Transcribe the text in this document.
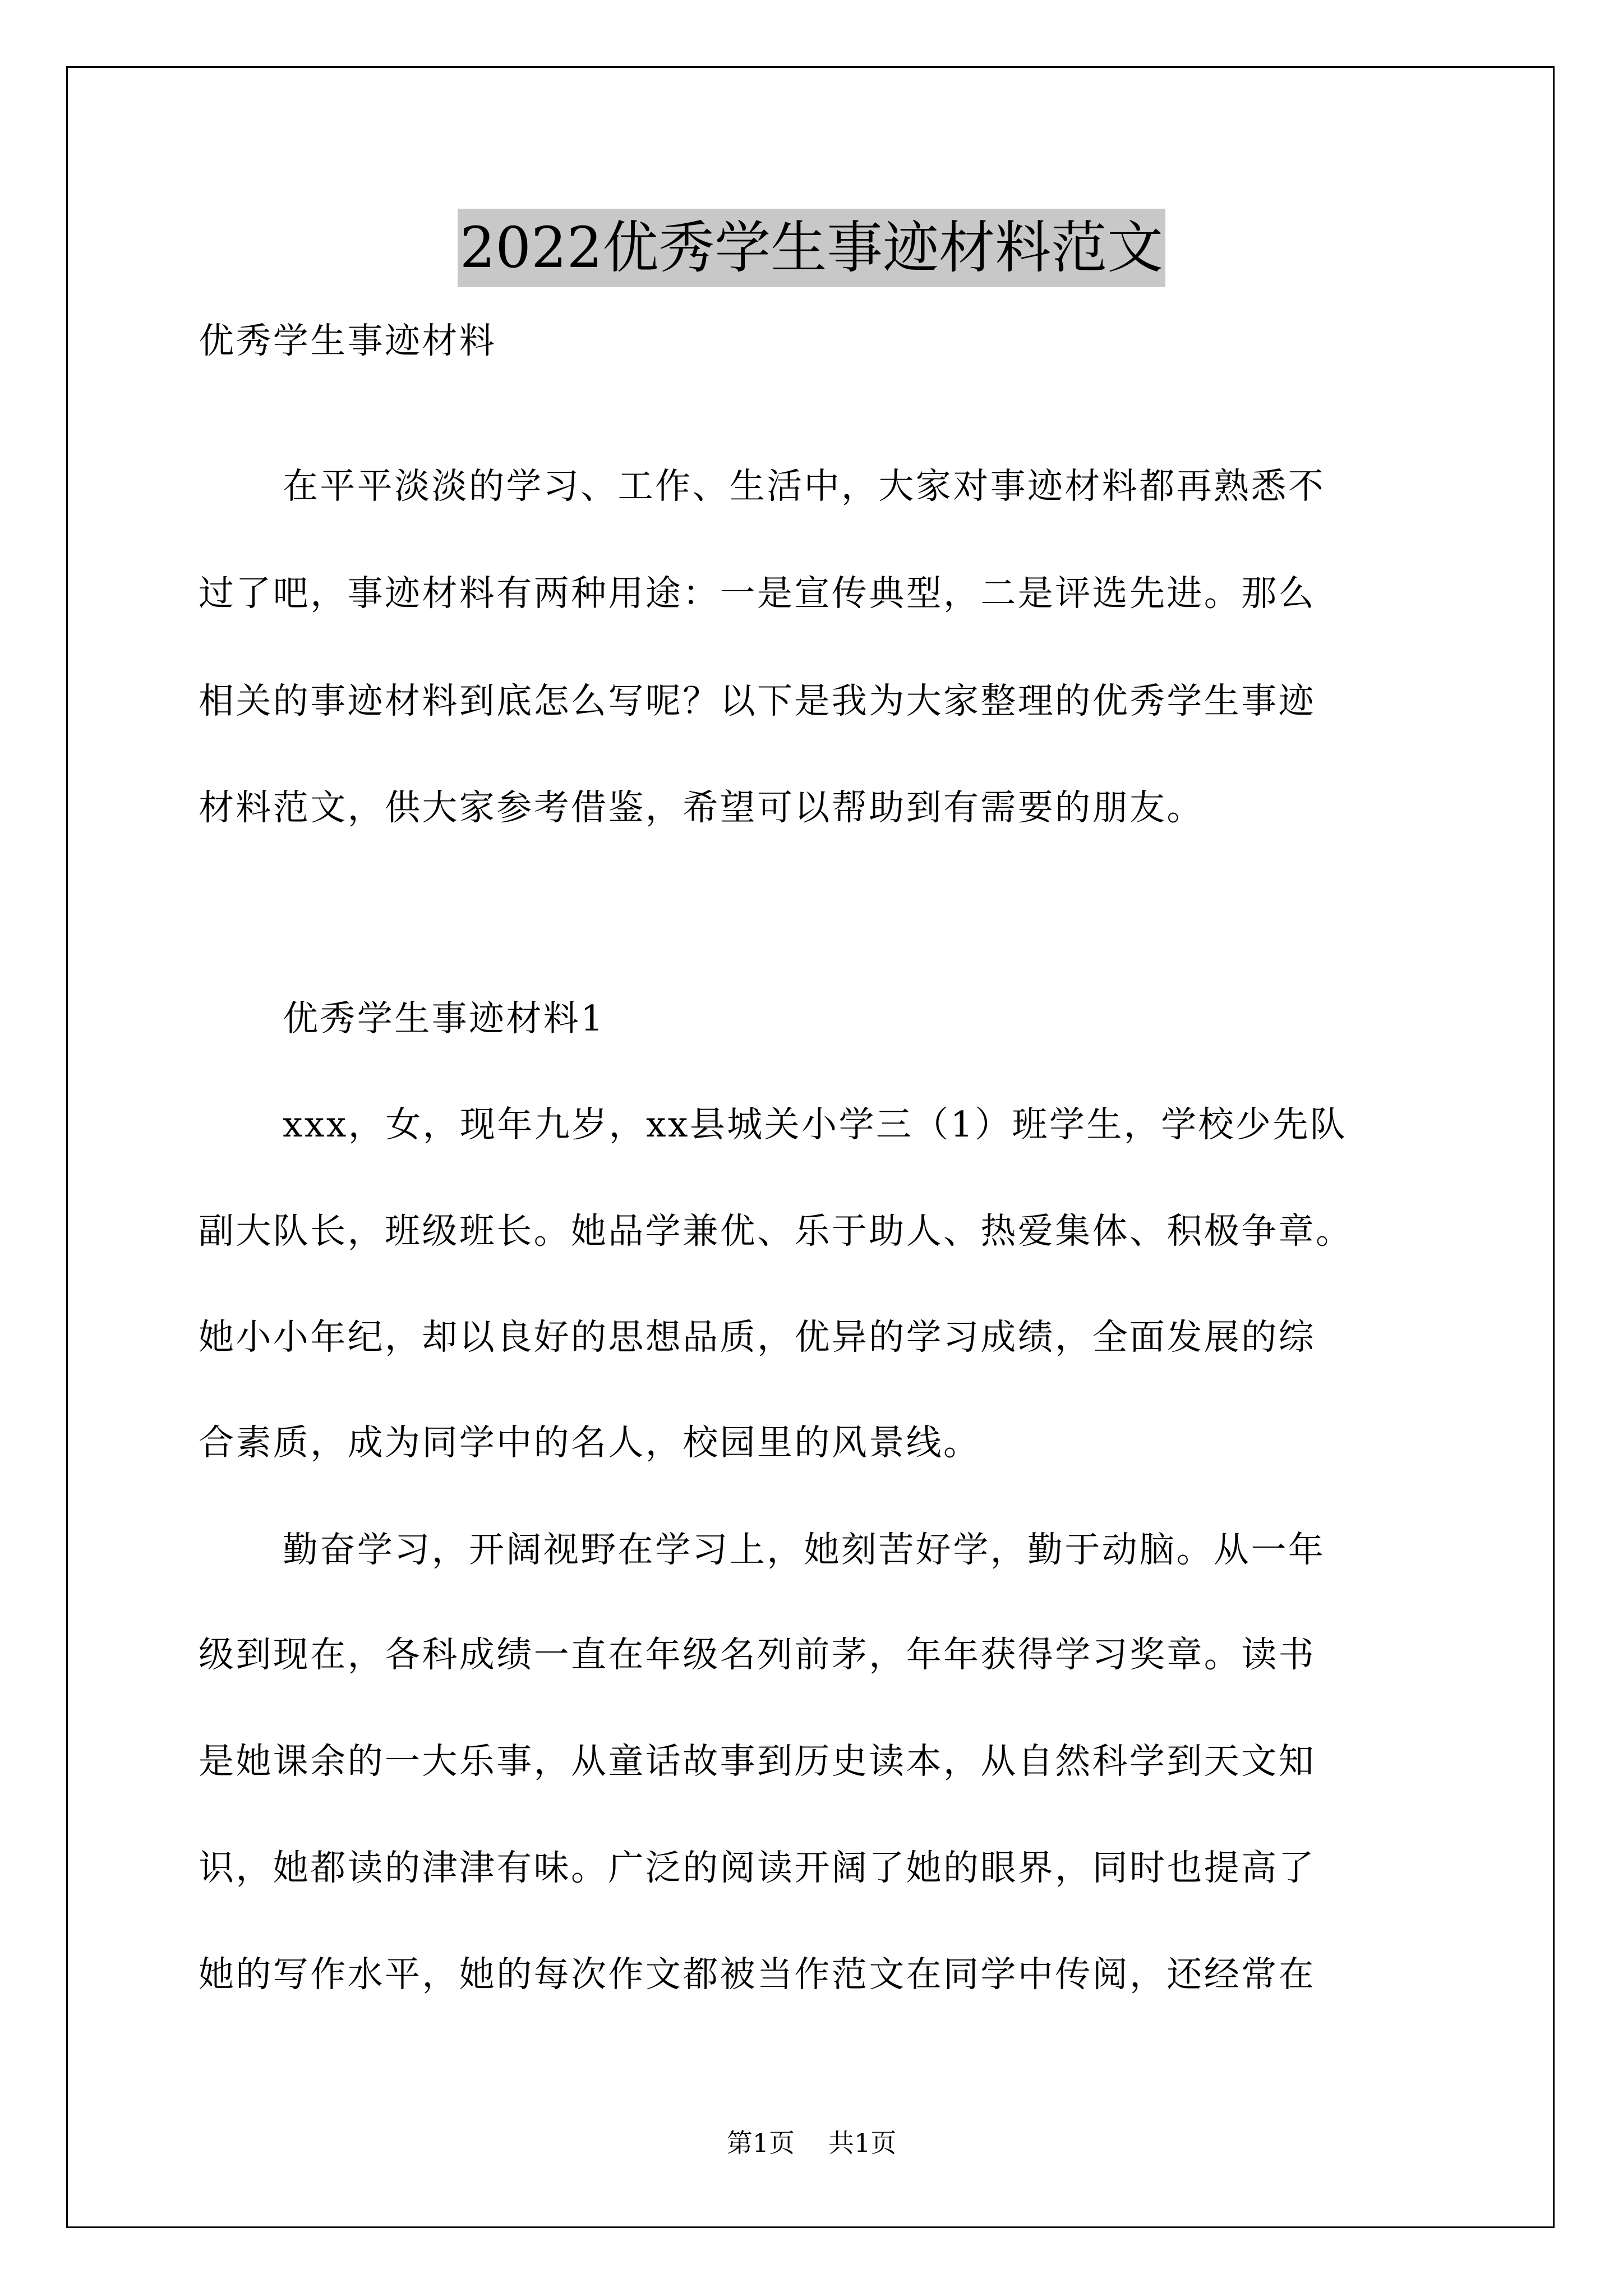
2022优秀学生事迹材料范文
优秀学生事迹材料
在平平淡淡的学习、工作、生活中，大家对事迹材料都再熟悉不
过了吧，事迹材料有两种用途：一是宣传典型，二是评选先进。那么
相关的事迹材料到底怎么写呢？以下是我为大家整理的优秀学生事迹
材料范文，供大家参考借鉴，希望可以帮助到有需要的朋友。
优秀学生事迹材料1
xxx，女，现年九岁，xx县城关小学三（1）班学生，学校少先队
副大队长，班级班长。她品学兼优、乐于助人、热爱集体、积极争章。
她小小年纪，却以良好的思想品质，优异的学习成绩，全面发展的综
合素质，成为同学中的名人，校园里的风景线。
勤奋学习，开阔视野在学习上，她刻苦好学，勤于动脑。从一年
级到现在，各科成绩一直在年级名列前茅，年年获得学习奖章。读书
是她课余的一大乐事，从童话故事到历史读本，从自然科学到天文知
识，她都读的津津有味。广泛的阅读开阔了她的眼界，同时也提高了
她的写作水平，她的每次作文都被当作范文在同学中传阅，还经常在
第1页 共1页
